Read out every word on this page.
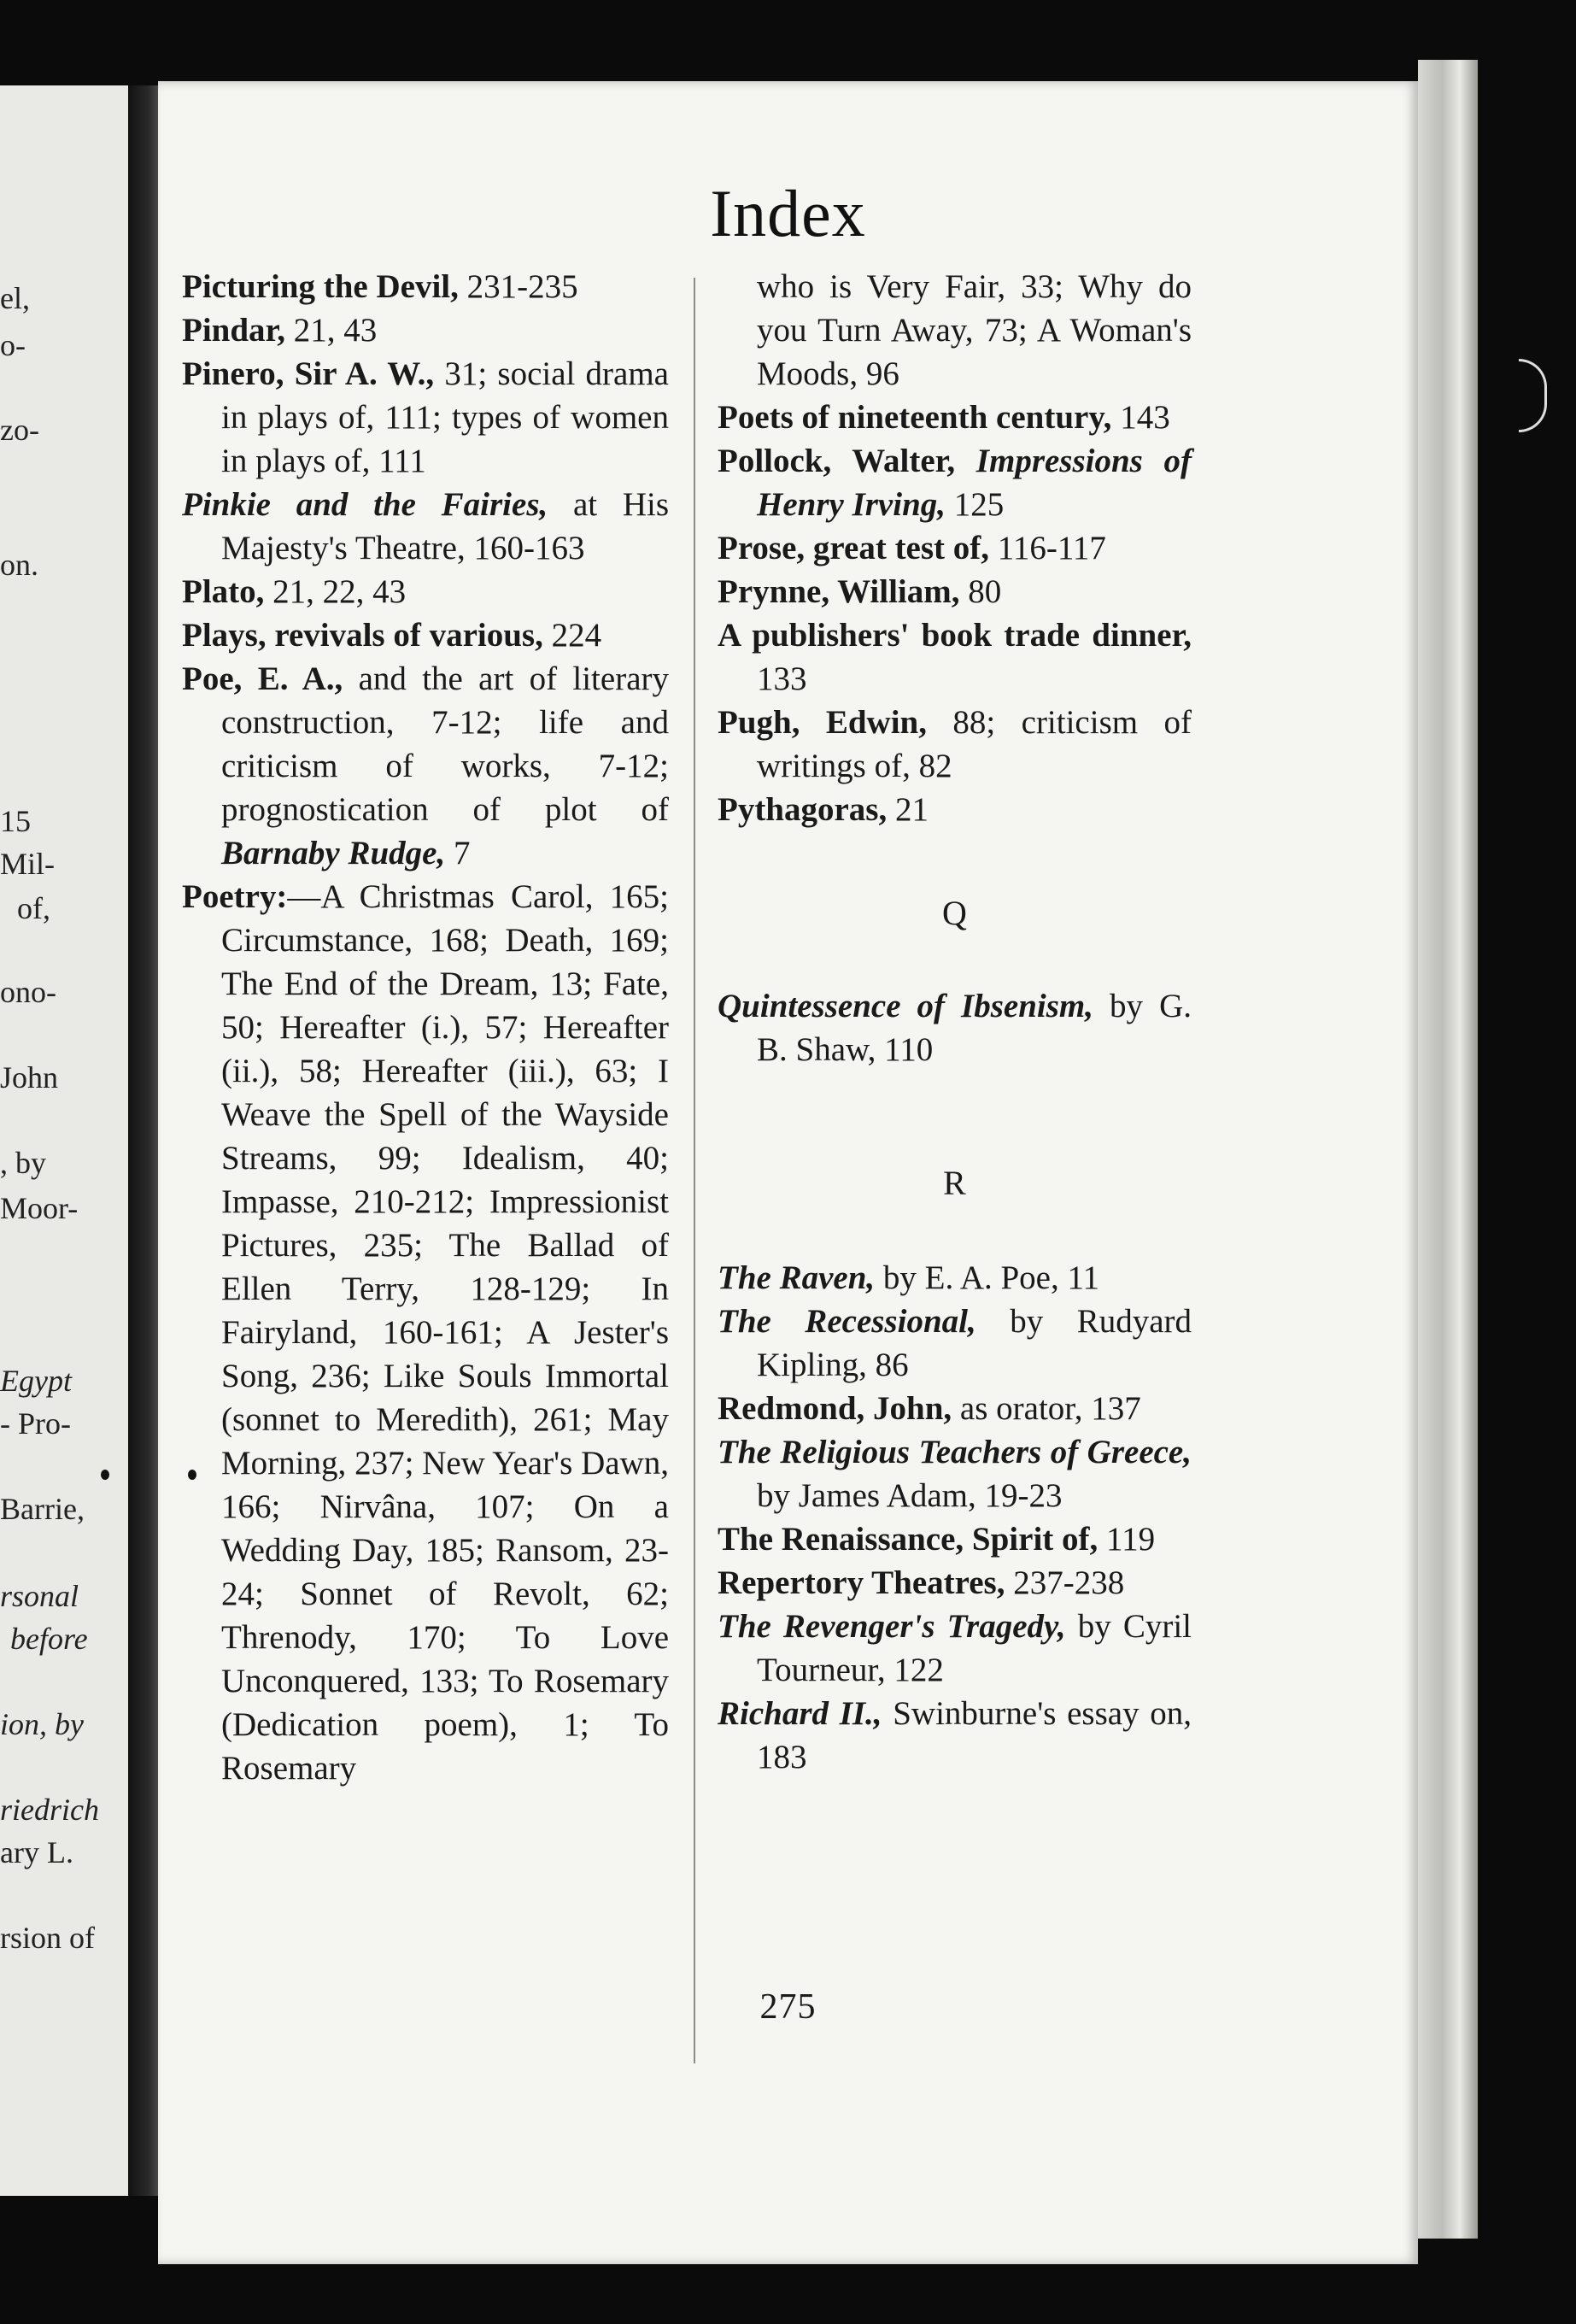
el,
o-
zo-
on.
15
Mil-
of,
ono-
John
, by
Moor-
Egypt
- Pro-
Barrie,
rsonal
before
ion, by
riedrich
ary L.
rsion of
Index

Picturing the Devil, 231-235

Pindar, 21, 43

Pinero, Sir A. W., 31; social drama in plays of, 111; types of women in plays of, 111

Pinkie and the Fairies, at His Majesty's Theatre, 160-163

Plato, 21, 22, 43

Plays, revivals of various, 224

Poe, E. A., and the art of literary construction, 7-12; life and criticism of works, 7-12; prognostication of plot of Barnaby Rudge, 7

Poetry:—A Christmas Carol, 165; Circumstance, 168; Death, 169; The End of the Dream, 13; Fate, 50; Hereafter (i.), 57; Hereafter (ii.), 58; Hereafter (iii.), 63; I Weave the Spell of the Wayside Streams, 99; Idealism, 40; Impasse, 210-212; Impressionist Pictures, 235; The Ballad of Ellen Terry, 128-129; In Fairyland, 160-161; A Jester's Song, 236; Like Souls Immortal (sonnet to Meredith), 261; May Morning, 237; New Year's Dawn, 166; Nirvâna, 107; On a Wedding Day, 185; Ransom, 23-24; Sonnet of Revolt, 62; Threnody, 170; To Love Unconquered, 133; To Rosemary (Dedication poem), 1; To Rosemary

who is Very Fair, 33; Why do you Turn Away, 73; A Woman's Moods, 96

Poets of nineteenth century, 143

Pollock, Walter, Impressions of Henry Irving, 125

Prose, great test of, 116-117

Prynne, William, 80

A publishers' book trade dinner, 133

Pugh, Edwin, 88; criticism of writings of, 82

Pythagoras, 21

Q

Quintessence of Ibsenism, by G. B. Shaw, 110

R

The Raven, by E. A. Poe, 11

The Recessional, by Rudyard Kipling, 86

Redmond, John, as orator, 137

The Religious Teachers of Greece, by James Adam, 19-23

The Renaissance, Spirit of, 119

Repertory Theatres, 237-238

The Revenger's Tragedy, by Cyril Tourneur, 122

Richard II., Swinburne's essay on, 183

275
